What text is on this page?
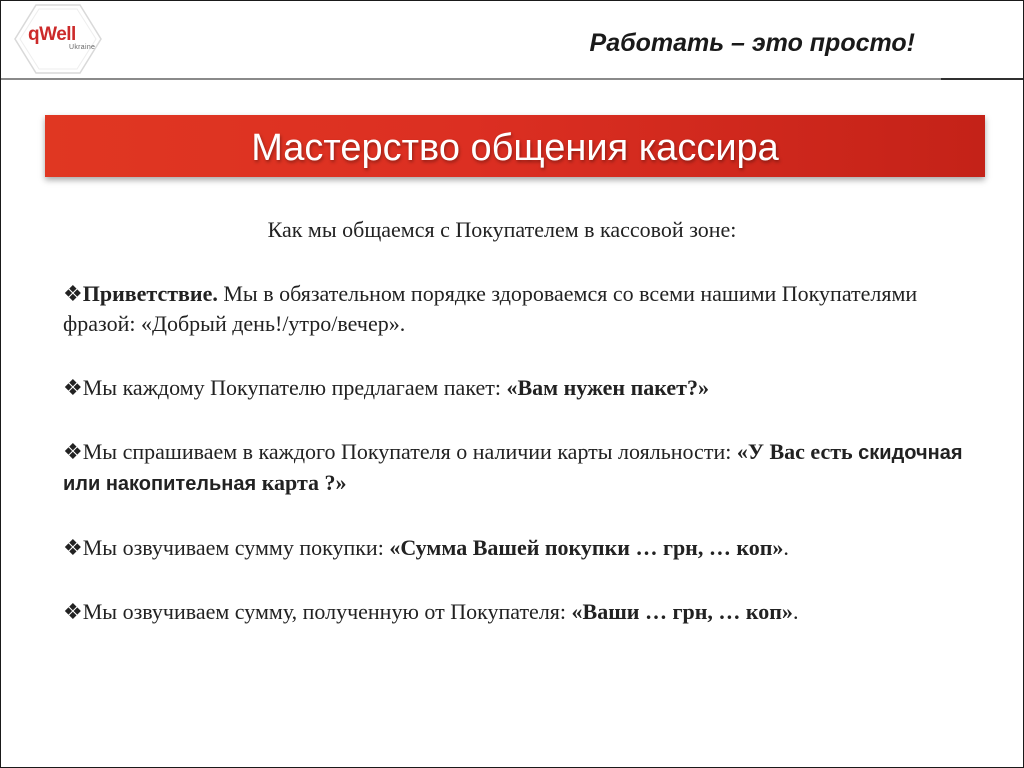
qWell
Ukraine	Работать – это просто!
Мастерство общения кассира
Как мы общаемся с Покупателем в кассовой зоне:
❖Приветствие. Мы в обязательном порядке здороваемся со всеми нашими Покупателями фразой: «Добрый день!/утро/вечер».
❖Мы каждому Покупателю предлагаем пакет: «Вам нужен пакет?»
❖Мы спрашиваем в каждого Покупателя о наличии карты лояльности: «У Вас есть скидочная или накопительная карта ?»
❖Мы озвучиваем сумму покупки: «Сумма Вашей покупки … грн, … коп».
❖Мы озвучиваем сумму, полученную от Покупателя: «Ваши … грн, … коп».
